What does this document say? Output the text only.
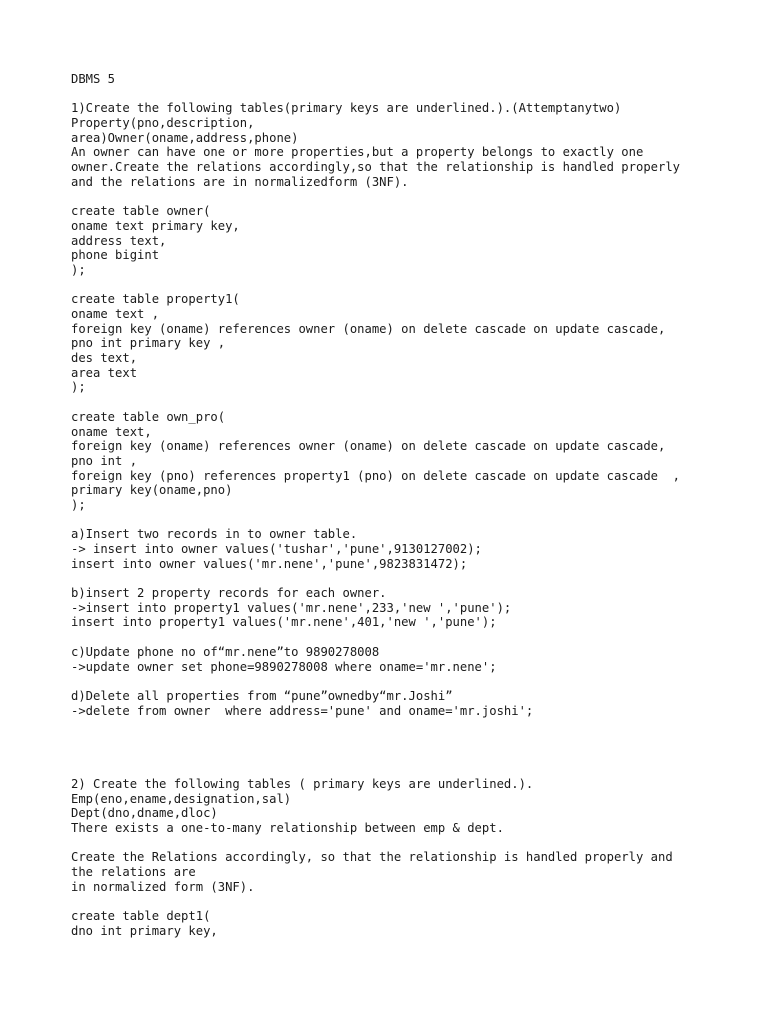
DBMS 5
1)Create the following tables(primary keys are underlined.).(Attemptanytwo)
Property(pno,description,
area)Owner(oname,address,phone)
An owner can have one or more properties,but a property belongs to exactly one
owner.Create the relations accordingly,so that the relationship is handled properly
and the relations are in normalizedform (3NF).
create table owner(
oname text primary key,
address text,
phone bigint
);
create table property1(
oname text ,
foreign key (oname) references owner (oname) on delete cascade on update cascade,
pno int primary key ,
des text,
area text
);
create table own_pro(
oname text,
foreign key (oname) references owner (oname) on delete cascade on update cascade,
pno int ,
foreign key (pno) references property1 (pno) on delete cascade on update cascade  ,
primary key(oname,pno)
);
a)Insert two records in to owner table.
-> insert into owner values('tushar','pune',9130127002);
insert into owner values('mr.nene','pune',9823831472);
b)insert 2 property records for each owner.
->insert into property1 values('mr.nene',233,'new ','pune');
insert into property1 values('mr.nene',401,'new ','pune');
c)Update phone no of“mr.nene”to 9890278008
->update owner set phone=9890278008 where oname='mr.nene';
d)Delete all properties from “pune”ownedby“mr.Joshi”
->delete from owner  where address='pune' and oname='mr.joshi';
2) Create the following tables ( primary keys are underlined.).
Emp(eno,ename,designation,sal)
Dept(dno,dname,dloc)
There exists a one-to-many relationship between emp & dept.
Create the Relations accordingly, so that the relationship is handled properly and
the relations are
in normalized form (3NF).
create table dept1(
dno int primary key,
